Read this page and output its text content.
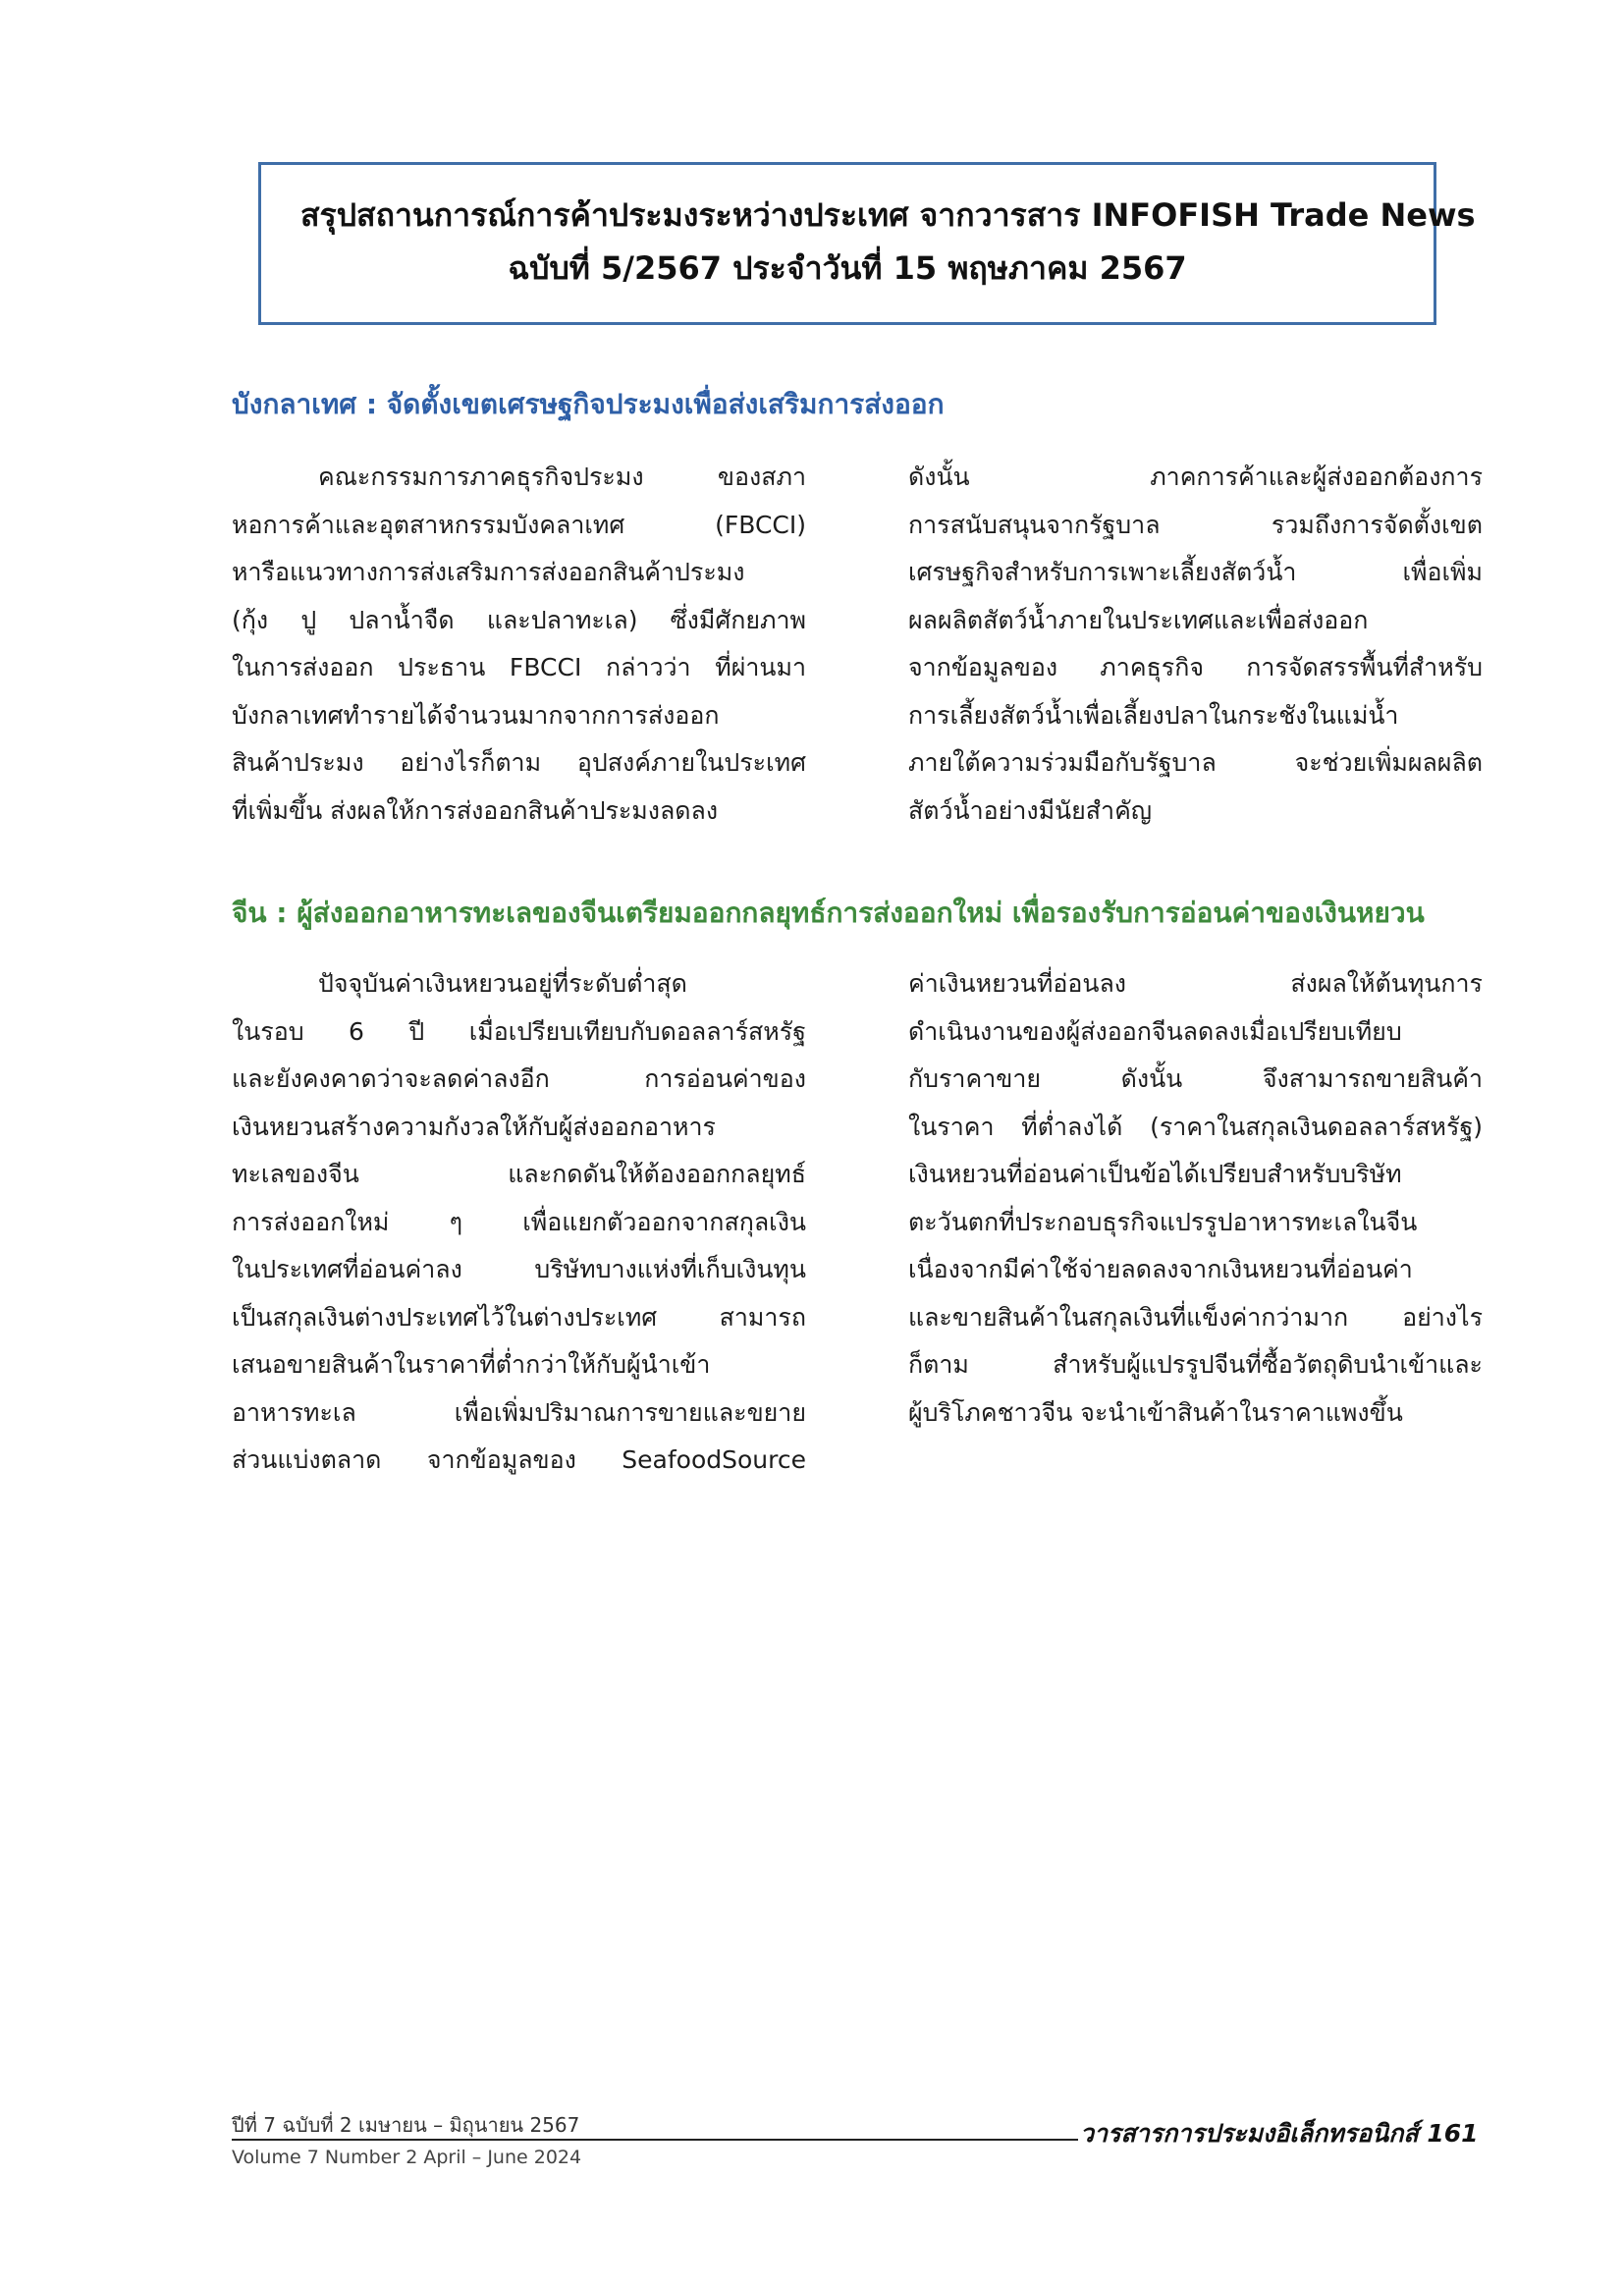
สรุปสถานการณ์การค้าประมงระหว่างประเทศ จากวารสาร INFOFISH Trade News
ฉบับที่ 5/2567 ประจำวันที่ 15 พฤษภาคม 2567
บังกลาเทศ : จัดตั้งเขตเศรษฐกิจประมงเพื่อส่งเสริมการส่งออก
คณะกรรมการภาคธุรกิจประมง ของสภา
หอการค้าและอุตสาหกรรมบังคลาเทศ (FBCCI)
หารือแนวทางการส่งเสริมการส่งออกสินค้าประมง
(กุ้ง ปู ปลาน้ำจืด และปลาทะเล) ซึ่งมีศักยภาพ
ในการส่งออก ประธาน FBCCI กล่าวว่า ที่ผ่านมา
บังกลาเทศทำรายได้จำนวนมากจากการส่งออก
สินค้าประมง อย่างไรก็ตาม อุปสงค์ภายในประเทศ
ที่เพิ่มขึ้น ส่งผลให้การส่งออกสินค้าประมงลดลง
ดังนั้น ภาคการค้าและผู้ส่งออกต้องการ
การสนับสนุนจากรัฐบาล รวมถึงการจัดตั้งเขต
เศรษฐกิจสำหรับการเพาะเลี้ยงสัตว์น้ำ เพื่อเพิ่ม
ผลผลิตสัตว์น้ำภายในประเทศและเพื่อส่งออก
จากข้อมูลของ ภาคธุรกิจ การจัดสรรพื้นที่สำหรับ
การเลี้ยงสัตว์น้ำเพื่อเลี้ยงปลาในกระชังในแม่น้ำ
ภายใต้ความร่วมมือกับรัฐบาล จะช่วยเพิ่มผลผลิต
สัตว์น้ำอย่างมีนัยสำคัญ
จีน : ผู้ส่งออกอาหารทะเลของจีนเตรียมออกกลยุทธ์การส่งออกใหม่ เพื่อรองรับการอ่อนค่าของเงินหยวน
ปัจจุบันค่าเงินหยวนอยู่ที่ระดับต่ำสุด
ในรอบ 6 ปี เมื่อเปรียบเทียบกับดอลลาร์สหรัฐ
และยังคงคาดว่าจะลดค่าลงอีก การอ่อนค่าของ
เงินหยวนสร้างความกังวลให้กับผู้ส่งออกอาหาร
ทะเลของจีน และกดดันให้ต้องออกกลยุทธ์
การส่งออกใหม่ ๆ เพื่อแยกตัวออกจากสกุลเงิน
ในประเทศที่อ่อนค่าลง บริษัทบางแห่งที่เก็บเงินทุน
เป็นสกุลเงินต่างประเทศไว้ในต่างประเทศ สามารถ
เสนอขายสินค้าในราคาที่ต่ำกว่าให้กับผู้นำเข้า
อาหารทะเล เพื่อเพิ่มปริมาณการขายและขยาย
ส่วนแบ่งตลาด จากข้อมูลของ SeafoodSource
ค่าเงินหยวนที่อ่อนลง ส่งผลให้ต้นทุนการ
ดำเนินงานของผู้ส่งออกจีนลดลงเมื่อเปรียบเทียบ
กับราคาขาย ดังนั้น จึงสามารถขายสินค้า
ในราคา ที่ต่ำลงได้ (ราคาในสกุลเงินดอลลาร์สหรัฐ)
เงินหยวนที่อ่อนค่าเป็นข้อได้เปรียบสำหรับบริษัท
ตะวันตกที่ประกอบธุรกิจแปรรูปอาหารทะเลในจีน
เนื่องจากมีค่าใช้จ่ายลดลงจากเงินหยวนที่อ่อนค่า
และขายสินค้าในสกุลเงินที่แข็งค่ากว่ามาก อย่างไร
ก็ตาม สำหรับผู้แปรรูปจีนที่ซื้อวัตถุดิบนำเข้าและ
ผู้บริโภคชาวจีน จะนำเข้าสินค้าในราคาแพงขึ้น
ปีที่ 7 ฉบับที่ 2 เมษายน – มิถุนายน 2567
Volume 7 Number 2 April – June 2024
วารสารการประมงอิเล็กทรอนิกส์ 161
